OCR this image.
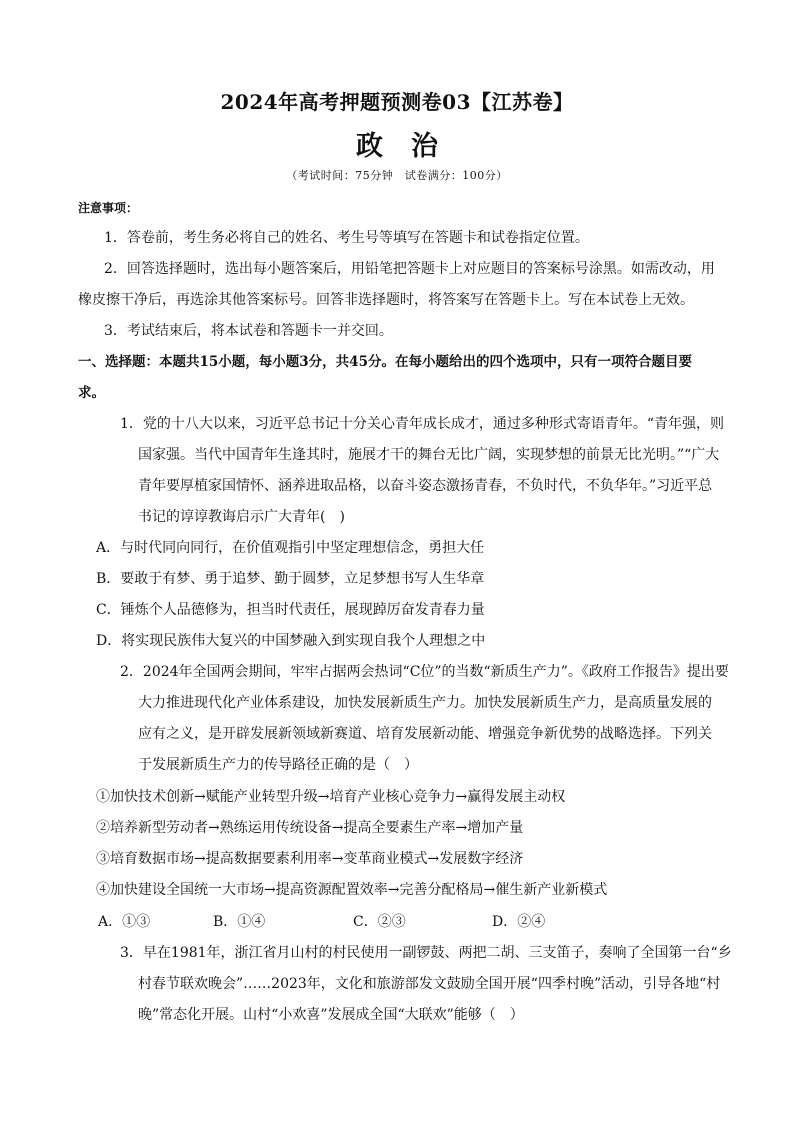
2024年高考押题预测卷03【江苏卷】
政治
（考试时间：75分钟　试卷满分：100分）
注意事项：
1．答卷前，考生务必将自己的姓名、考生号等填写在答题卡和试卷指定位置。
2．回答选择题时，选出每小题答案后，用铅笔把答题卡上对应题目的答案标号涂黑。如需改动，用
橡皮擦干净后，再选涂其他答案标号。回答非选择题时，将答案写在答题卡上。写在本试卷上无效。
3．考试结束后，将本试卷和答题卡一并交回。
一、选择题：本题共15小题，每小题3分，共45分。在每小题给出的四个选项中，只有一项符合题目要
求。
1．党的十八大以来，习近平总书记十分关心青年成长成才，通过多种形式寄语青年。“青年强，则
国家强。当代中国青年生逢其时，施展才干的舞台无比广阔，实现梦想的前景无比光明。”“广大
青年要厚植家国情怀、涵养进取品格，以奋斗姿态激扬青春，不负时代，不负华年。”习近平总
书记的谆谆教诲启示广大青年(　)
A．与时代同向同行，在价值观指引中坚定理想信念，勇担大任
B．要敢于有梦、勇于追梦、勤于圆梦，立足梦想书写人生华章
C．锤炼个人品德修为，担当时代责任，展现踔厉奋发青春力量
D．将实现民族伟大复兴的中国梦融入到实现自我个人理想之中
2．2024年全国两会期间，牢牢占据两会热词“C位”的当数“新质生产力”。《政府工作报告》提出要
大力推进现代化产业体系建设，加快发展新质生产力。加快发展新质生产力，是高质量发展的
应有之义，是开辟发展新领域新赛道、培育发展新动能、增强竞争新优势的战略选择。下列关
于发展新质生产力的传导路径正确的是（　）
①加快技术创新→赋能产业转型升级→培育产业核心竞争力→赢得发展主动权
②培养新型劳动者→熟练运用传统设备→提高全要素生产率→增加产量
③培育数据市场→提高数据要素利用率→变革商业模式→发展数字经济
④加快建设全国统一大市场→提高资源配置效率→完善分配格局→催生新产业新模式
A．①③	B．①④	C．②③	D．②④
3．早在1981年，浙江省月山村的村民使用一副锣鼓、两把二胡、三支笛子，奏响了全国第一台“乡
村春节联欢晚会”……2023年，文化和旅游部发文鼓励全国开展“四季村晚”活动，引导各地“村
晚”常态化开展。山村“小欢喜”发展成全国“大联欢”能够（　）
